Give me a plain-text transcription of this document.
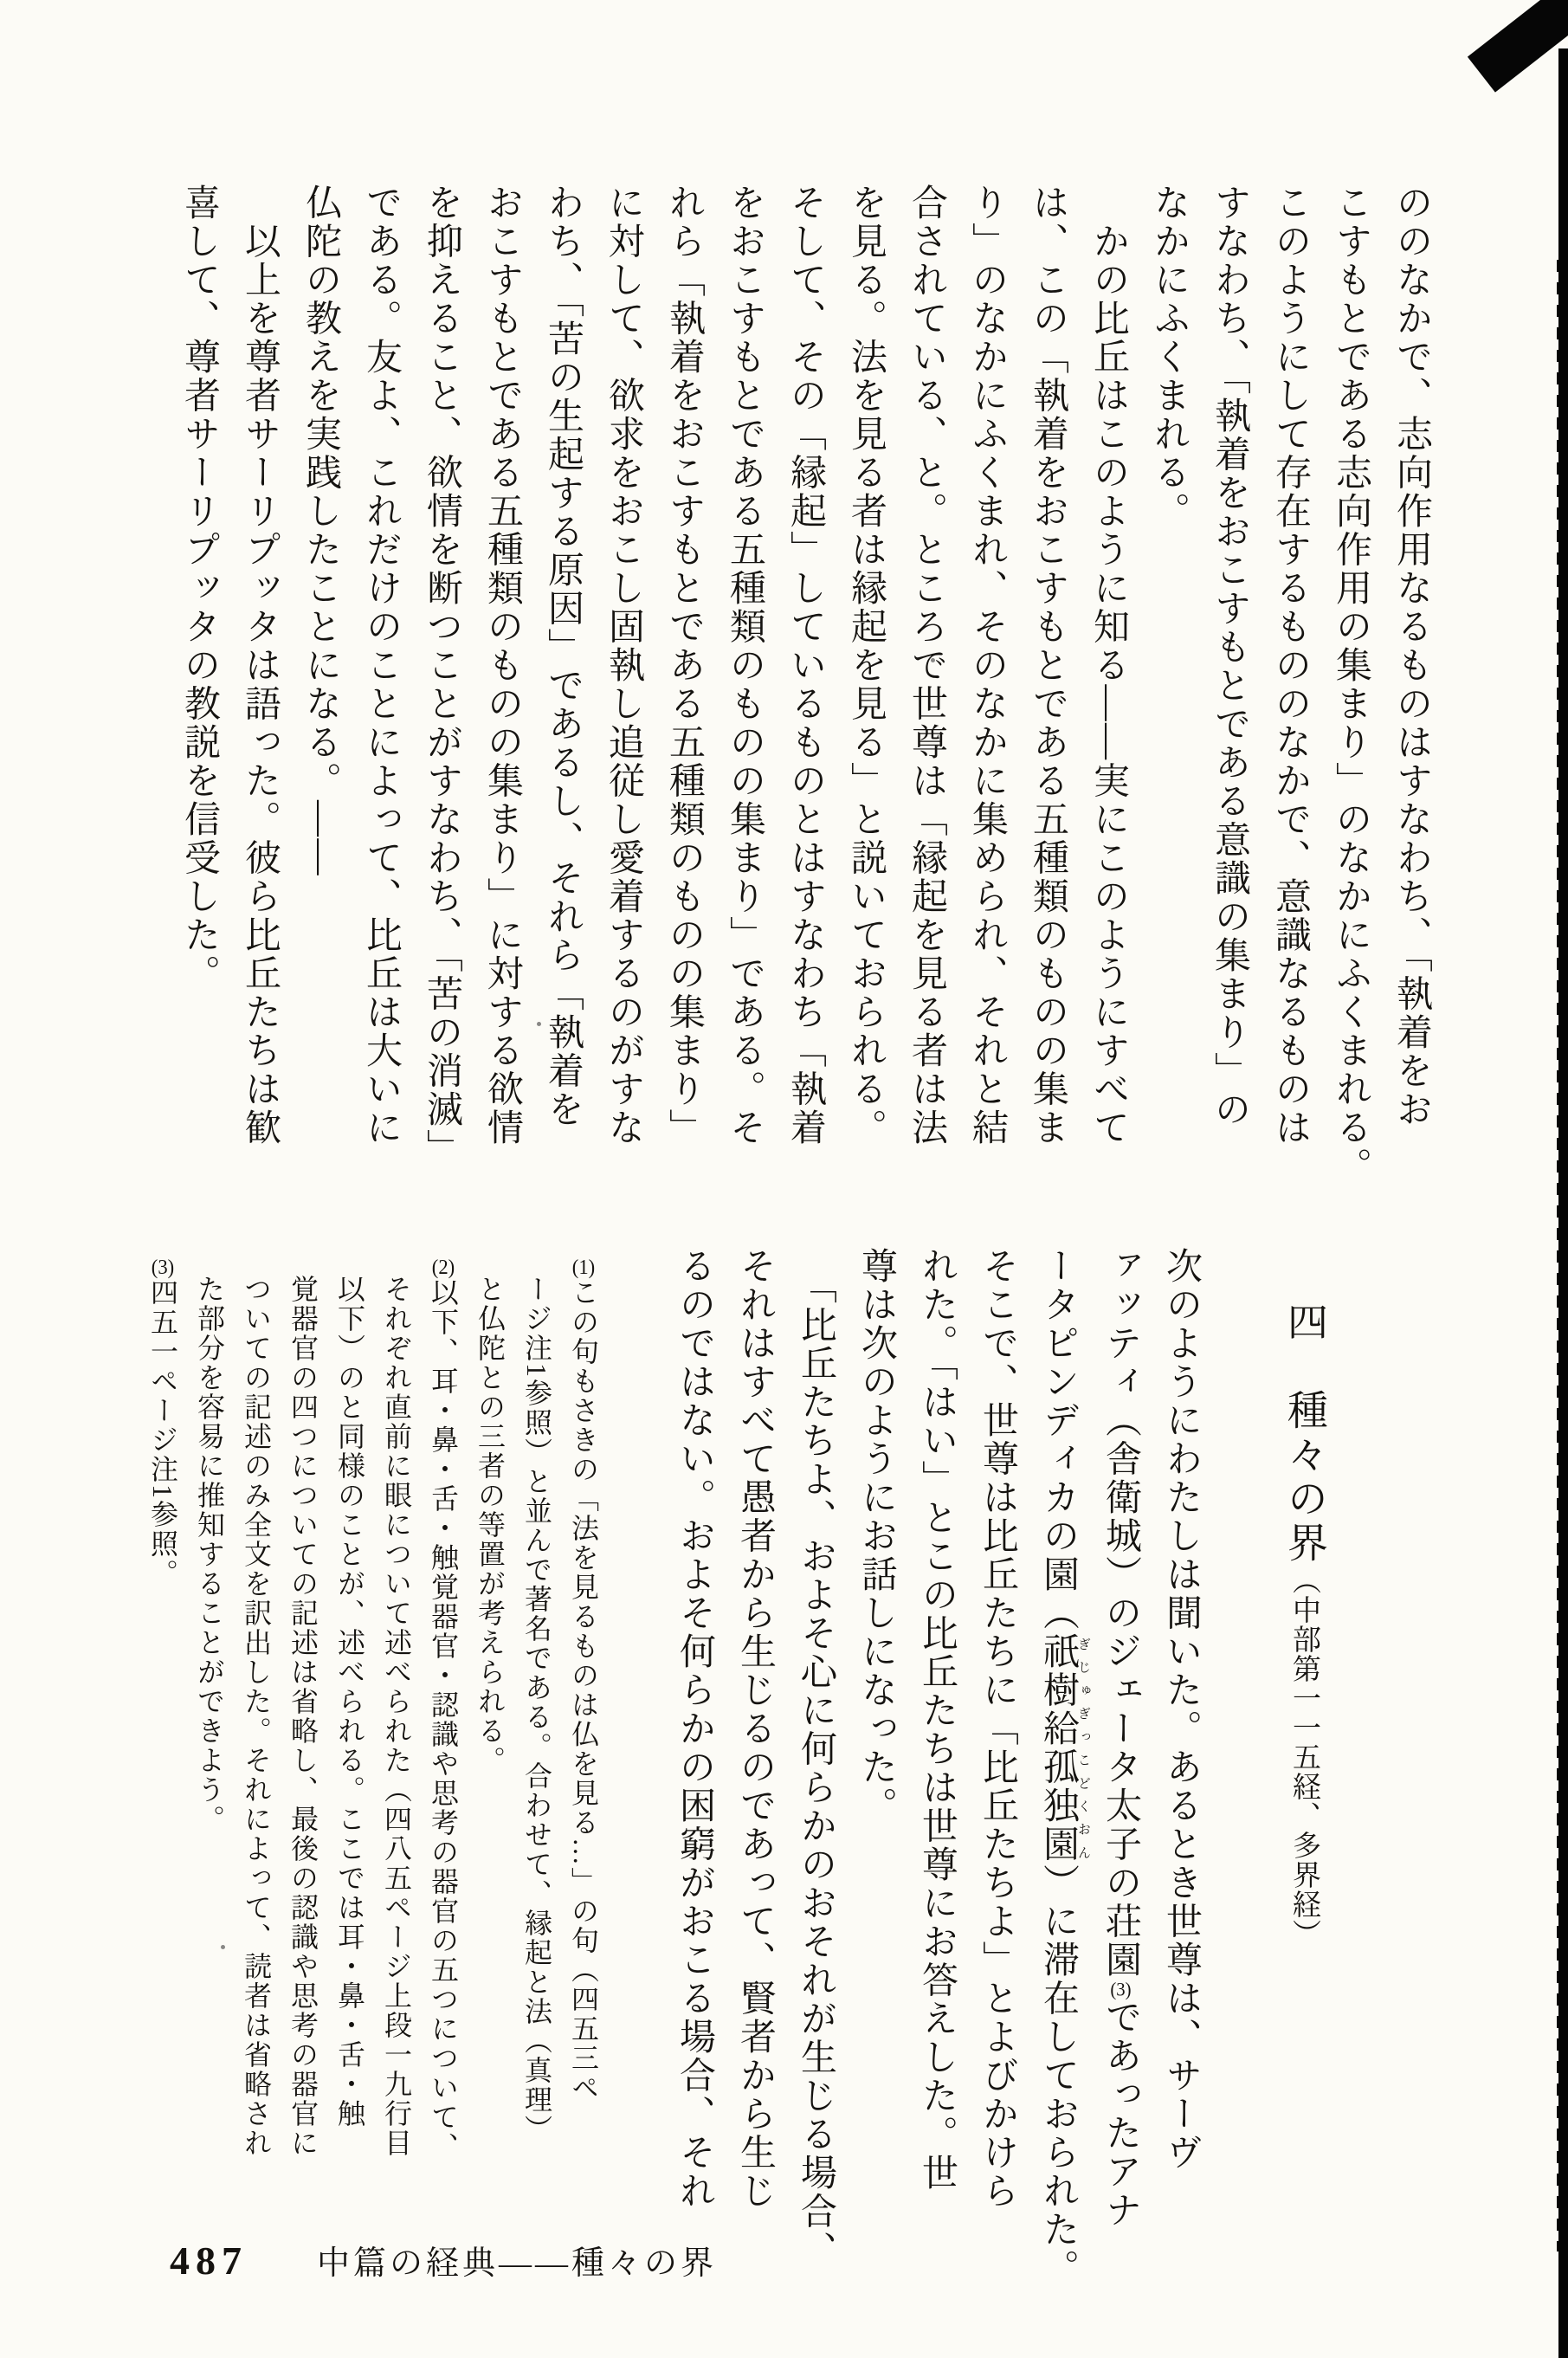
ののなかで、志向作用なるものはすなわち、「執着をお
こすもとである志向作用の集まり」のなかにふくまれる。
このようにして存在するもののなかで、意識なるものは
すなわち、「執着をおこすもとである意識の集まり」の
なかにふくまれる。
　かの比丘はこのように知る――実にこのようにすべて
は、この「執着をおこすもとである五種類のものの集ま
り」のなかにふくまれ、そのなかに集められ、それと結
合されている、と。ところで世尊は「縁起を見る者は法
を見る。法を見る者は縁起を見る」と説いておられる。
そして、その「縁起」しているものとはすなわち「執着
をおこすもとである五種類のものの集まり」である。そ
れら「執着をおこすもとである五種類のものの集まり」
に対して、欲求をおこし固執し追従し愛着するのがすな
わち、「苦の生起する原因」であるし、それら「執着を
おこすもとである五種類のものの集まり」に対する欲情
を抑えること、欲情を断つことがすなわち、「苦の消滅」
である。友よ、これだけのことによって、比丘は大いに
仏陀の教えを実践したことになる。――
　以上を尊者サーリプッタは語った。彼ら比丘たちは歓
喜して、尊者サーリプッタの教説を信受した。
四　種々の界（中部第一一五経、多界経）
次のようにわたしは聞いた。あるとき世尊は、サーヴ
ァッティ（舎衛城）のジェータ太子の荘園(3)であったアナ
ータピンディカの園（祇樹給孤独園ぎじゅぎっこどくおん）に滞在しておられた。
そこで、世尊は比丘たちに「比丘たちよ」とよびかけら
れた。「はい」とこの比丘たちは世尊にお答えした。世
尊は次のようにお話しになった。
　「比丘たちよ、およそ心に何らかのおそれが生じる場合、
それはすべて愚者から生じるのであって、賢者から生じ
るのではない。およそ何らかの困窮がおこる場合、それ
(1)この句もさきの「法を見るものは仏を見る…」の句（四五三ペ
ージ注1参照）と並んで著名である。合わせて、縁起と法（真理）
と仏陀との三者の等置が考えられる。
(2)以下、耳・鼻・舌・触覚器官・認識や思考の器官の五つについて、
それぞれ直前に眼について述べられた（四八五ページ上段一九行目
以下）のと同様のことが、述べられる。ここでは耳・鼻・舌・触
覚器官の四つについての記述は省略し、最後の認識や思考の器官に
ついての記述のみ全文を訳出した。それによって、読者は省略され
た部分を容易に推知することができよう。
(3)四五一ページ注1参照。
487 中篇の経典――種々の界
